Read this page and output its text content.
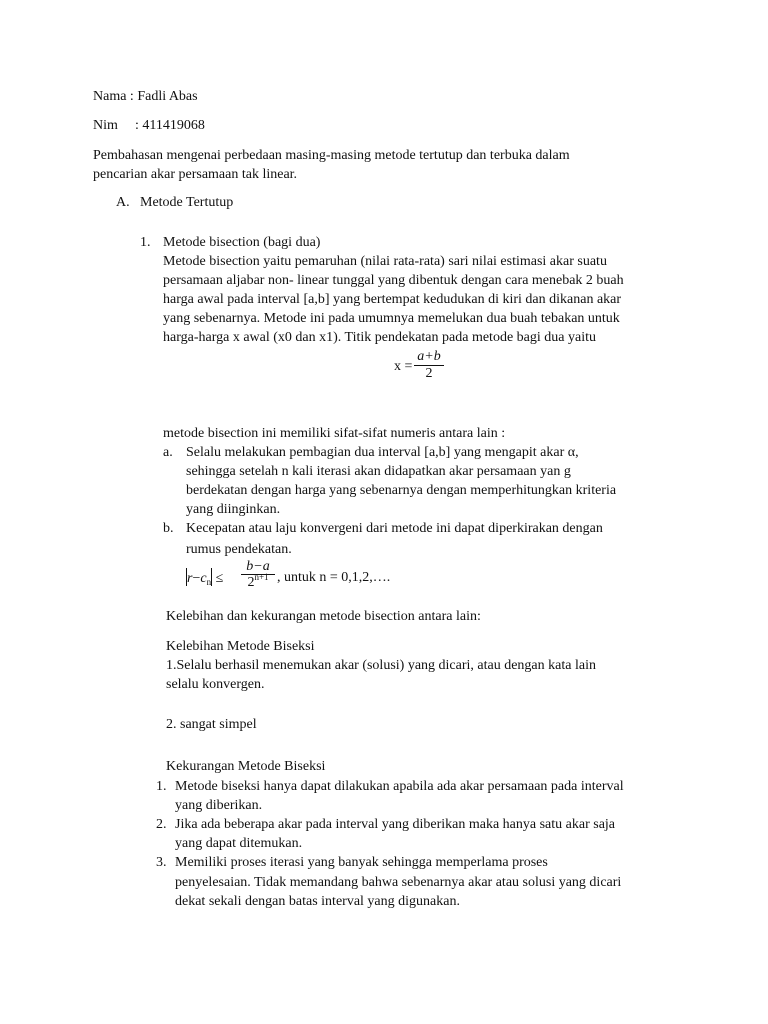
Nama : Fadli Abas
Nim : 411419068
Pembahasan mengenai perbedaan masing-masing metode tertutup dan terbuka dalam
pencarian akar persamaan tak linear.
A. Metode Tertutup
1. Metode bisection (bagi dua)
Metode bisection yaitu pemaruhan (nilai rata-rata) sari nilai estimasi akar suatu
persamaan aljabar non- linear tunggal yang dibentuk dengan cara menebak 2 buah
harga awal pada interval [a,b] yang bertempat kedudukan di kiri dan dikanan akar
yang sebenarnya. Metode ini pada umumnya memelukan dua buah tebakan untuk
harga-harga x awal (x0 dan x1). Titik pendekatan pada metode bagi dua yaitu
x =
a+b
2
metode bisection ini memiliki sifat-sifat numeris antara lain :
a. Selalu melakukan pembagian dua interval [a,b] yang mengapit akar α,
sehingga setelah n kali iterasi akan didapatkan akar persamaan yan g
berdekatan dengan harga yang sebenarnya dengan memperhitungkan kriteria
yang diinginkan.
b. Kecepatan atau laju konvergeni dari metode ini dapat diperkirakan dengan
rumus pendekatan.
$r-c_n$ ≤
b−a
$2^{n+1}$ , untuk n = 0,1,2,….
Kelebihan dan kekurangan metode bisection antara lain:
Kelebihan Metode Biseksi
1.Selalu berhasil menemukan akar (solusi) yang dicari, atau dengan kata lain
selalu konvergen.
2. sangat simpel
Kekurangan Metode Biseksi
1. Metode biseksi hanya dapat dilakukan apabila ada akar persamaan pada interval
yang diberikan.
2. Jika ada beberapa akar pada interval yang diberikan maka hanya satu akar saja
yang dapat ditemukan.
3. Memiliki proses iterasi yang banyak sehingga memperlama proses
penyelesaian. Tidak memandang bahwa sebenarnya akar atau solusi yang dicari
dekat sekali dengan batas interval yang digunakan.
